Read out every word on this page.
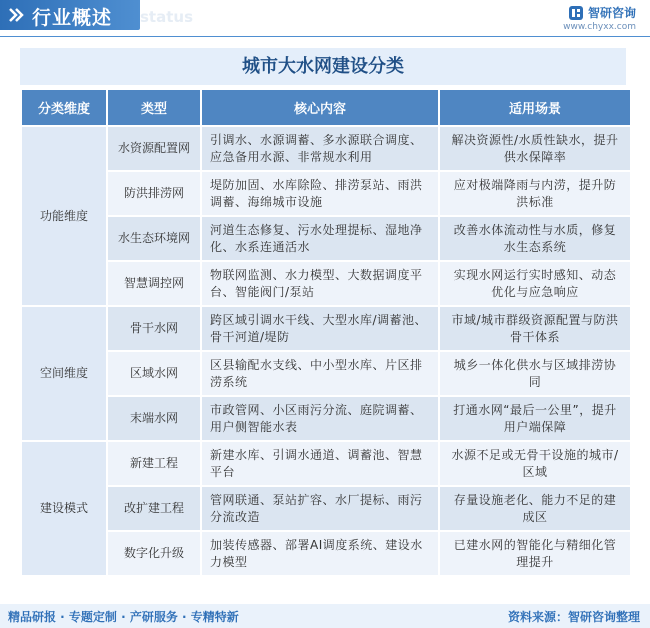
行业概述 status	智研咨询
www.chyxx.com
城市大水网建设分类
分类维度	类型	核心内容	适用场景
功能维度	水资源配置网	引调水、水源调蓄、多水源联合调度、应急备用水源、非常规水利用	解决资源性/水质性缺水，提升供水保障率
	防洪排涝网	堤防加固、水库除险、排涝泵站、雨洪调蓄、海绵城市设施	应对极端降雨与内涝，提升防洪标准
	水生态环境网	河道生态修复、污水处理提标、湿地净化、水系连通活水	改善水体流动性与水质，修复水生态系统
	智慧调控网	物联网监测、水力模型、大数据调度平台、智能阀门/泵站	实现水网运行实时感知、动态优化与应急响应
空间维度	骨干水网	跨区域引调水干线、大型水库/调蓄池、骨干河道/堤防	市域/城市群级资源配置与防洪骨干体系
	区域水网	区县输配水支线、中小型水库、片区排涝系统	城乡一体化供水与区域排涝协同
	末端水网	市政管网、小区雨污分流、庭院调蓄、用户侧智能水表	打通水网“最后一公里”，提升用户端保障
建设模式	新建工程	新建水库、引调水通道、调蓄池、智慧平台	水源不足或无骨干设施的城市/区域
	改扩建工程	管网联通、泵站扩容、水厂提标、雨污分流改造	存量设施老化、能力不足的建成区
	数字化升级	加装传感器、部署AI调度系统、建设水力模型	已建水网的智能化与精细化管理提升
精品研报 · 专题定制 · 产研服务 · 专精特新	资料来源：智研咨询整理
